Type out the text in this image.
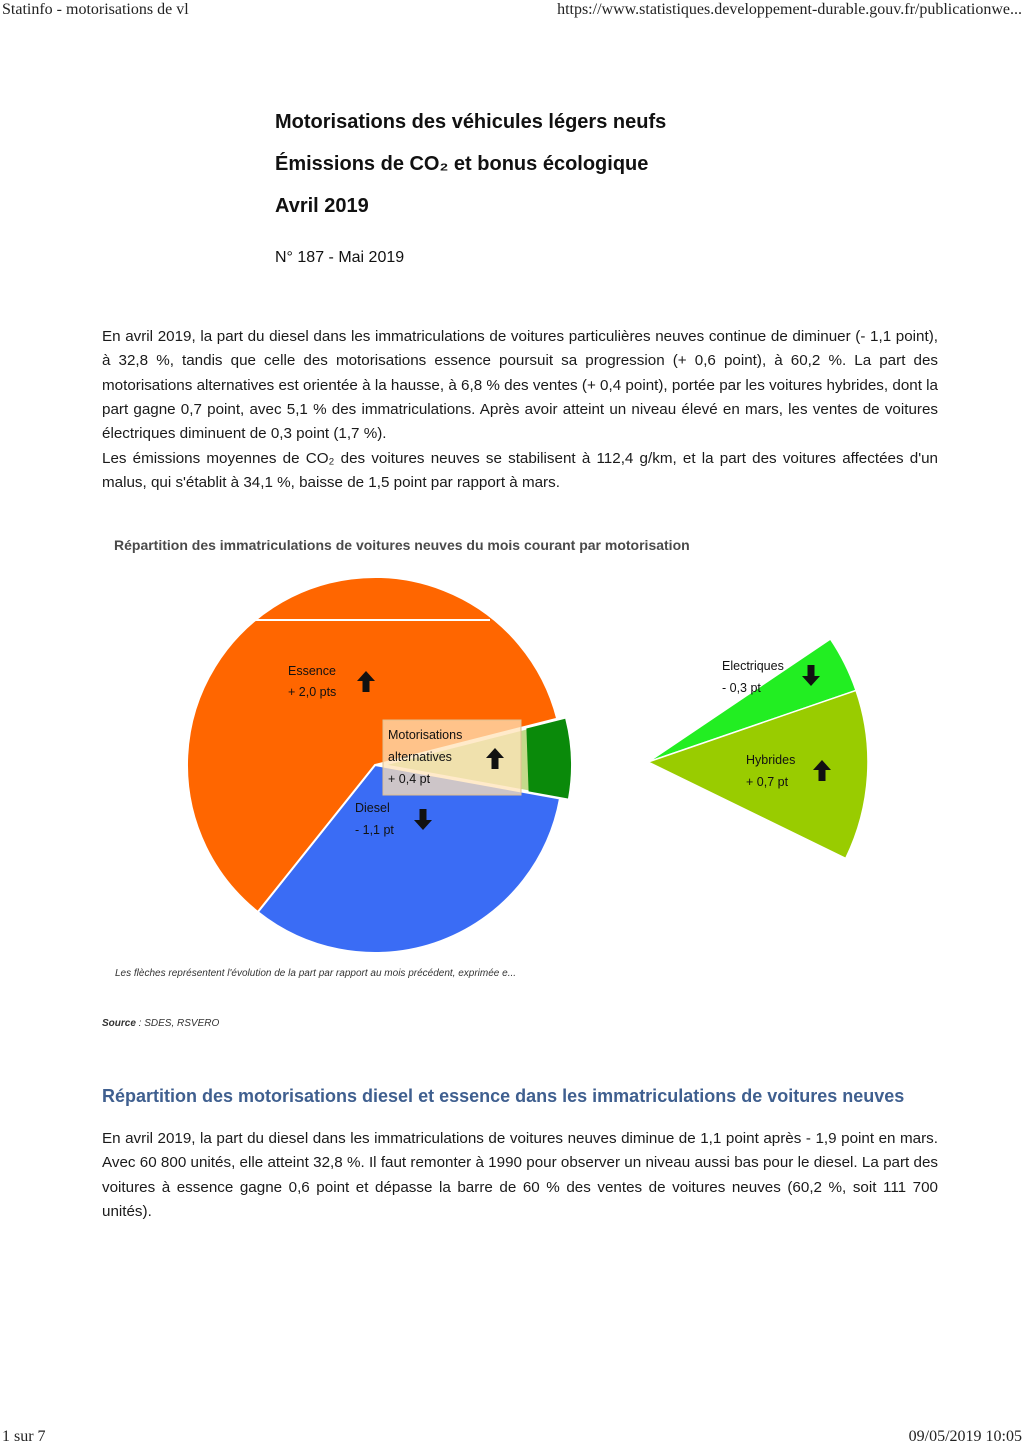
Statinfo - motorisations de vl	https://www.statistiques.developpement-durable.gouv.fr/publicationwe...
Motorisations des véhicules légers neufs
Émissions de CO₂ et bonus écologique
Avril 2019
N° 187 - Mai 2019

En avril 2019, la part du diesel dans les immatriculations de voitures particulières neuves continue de diminuer (- 1,1 point), à 32,8 %, tandis que celle des motorisations essence poursuit sa progression (+ 0,6 point), à 60,2 %. La part des motorisations alternatives est orientée à la hausse, à 6,8 % des ventes (+ 0,4 point), portée par les voitures hybrides, dont la part gagne 0,7 point, avec 5,1 % des immatriculations. Après avoir atteint un niveau élevé en mars, les ventes de voitures électriques diminuent de 0,3 point (1,7 %).

Les émissions moyennes de CO₂ des voitures neuves se stabilisent à 112,4 g/km, et la part des voitures affectées d'un malus, qui s'établit à 34,1 %, baisse de 1,5 point par rapport à mars.

Répartition des immatriculations de voitures neuves du mois courant par motorisation
Essence
+ 2,0 pts
Motorisations
alternatives
+ 0,4 pt
Diesel
- 1,1 pt
Electriques
- 0,3 pt
Hybrides
+ 0,7 pt
Les flèches représentent l'évolution de la part par rapport au mois précédent, exprimée e...
Source : SDES, RSVERO
Répartition des motorisations diesel et essence dans les immatriculations de voitures neuves

En avril 2019, la part du diesel dans les immatriculations de voitures neuves diminue de 1,1 point après - 1,9 point en mars. Avec 60 800 unités, elle atteint 32,8 %. Il faut remonter à 1990 pour observer un niveau aussi bas pour le diesel. La part des voitures à essence gagne 0,6 point et dépasse la barre de 60 % des ventes de voitures neuves (60,2 %, soit 111 700 unités).

1 sur 7	09/05/2019 10:05
